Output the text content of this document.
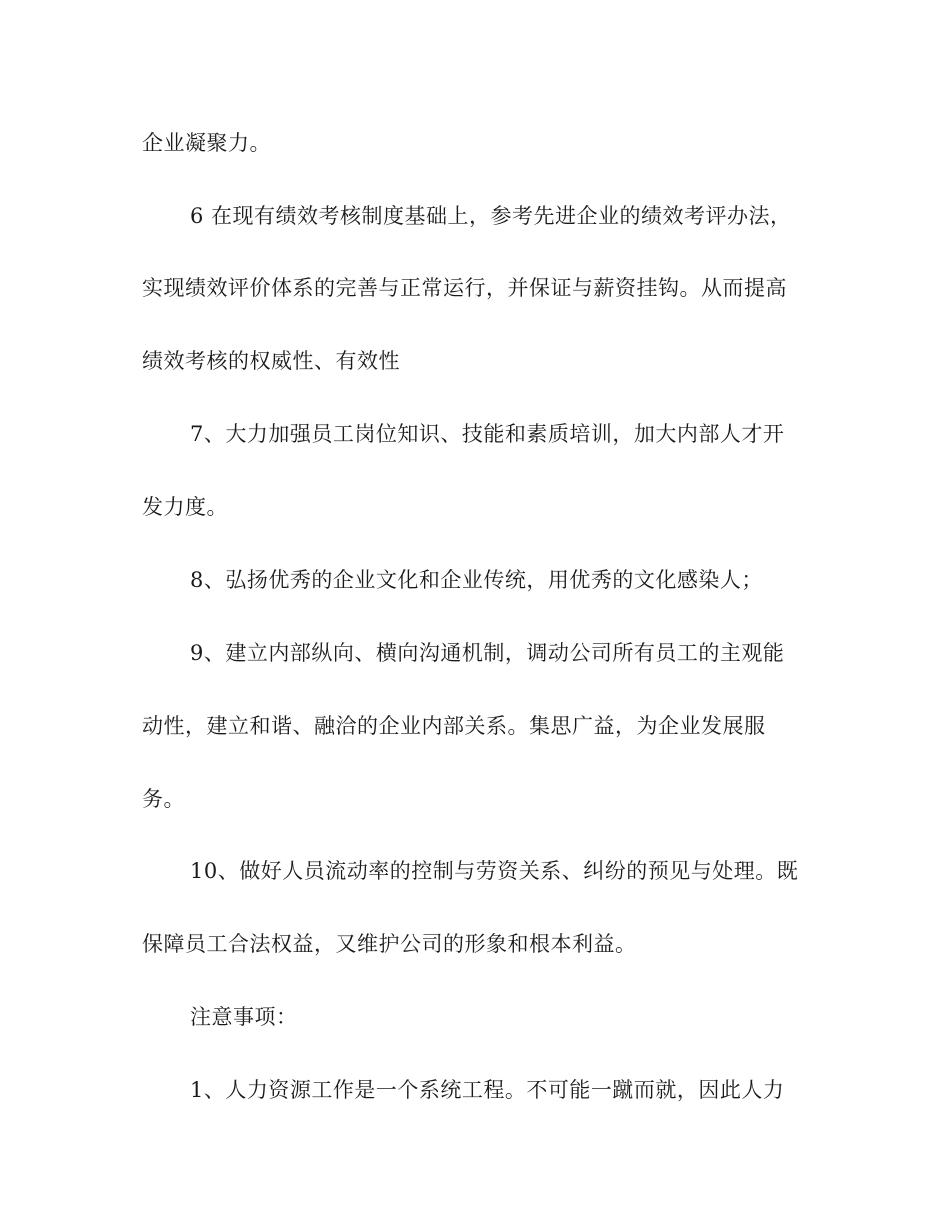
企业凝聚力。
6 在现有绩效考核制度基础上，参考先进企业的绩效考评办法，
实现绩效评价体系的完善与正常运行，并保证与薪资挂钩。从而提高
绩效考核的权威性、有效性
7、大力加强员工岗位知识、技能和素质培训，加大内部人才开
发力度。
8、弘扬优秀的企业文化和企业传统，用优秀的文化感染人；
9、建立内部纵向、横向沟通机制，调动公司所有员工的主观能
动性，建立和谐、融洽的企业内部关系。集思广益，为企业发展服
务。
10、做好人员流动率的控制与劳资关系、纠纷的预见与处理。既
保障员工合法权益，又维护公司的形象和根本利益。
注意事项：
1、人力资源工作是一个系统工程。不可能一蹴而就，因此人力
